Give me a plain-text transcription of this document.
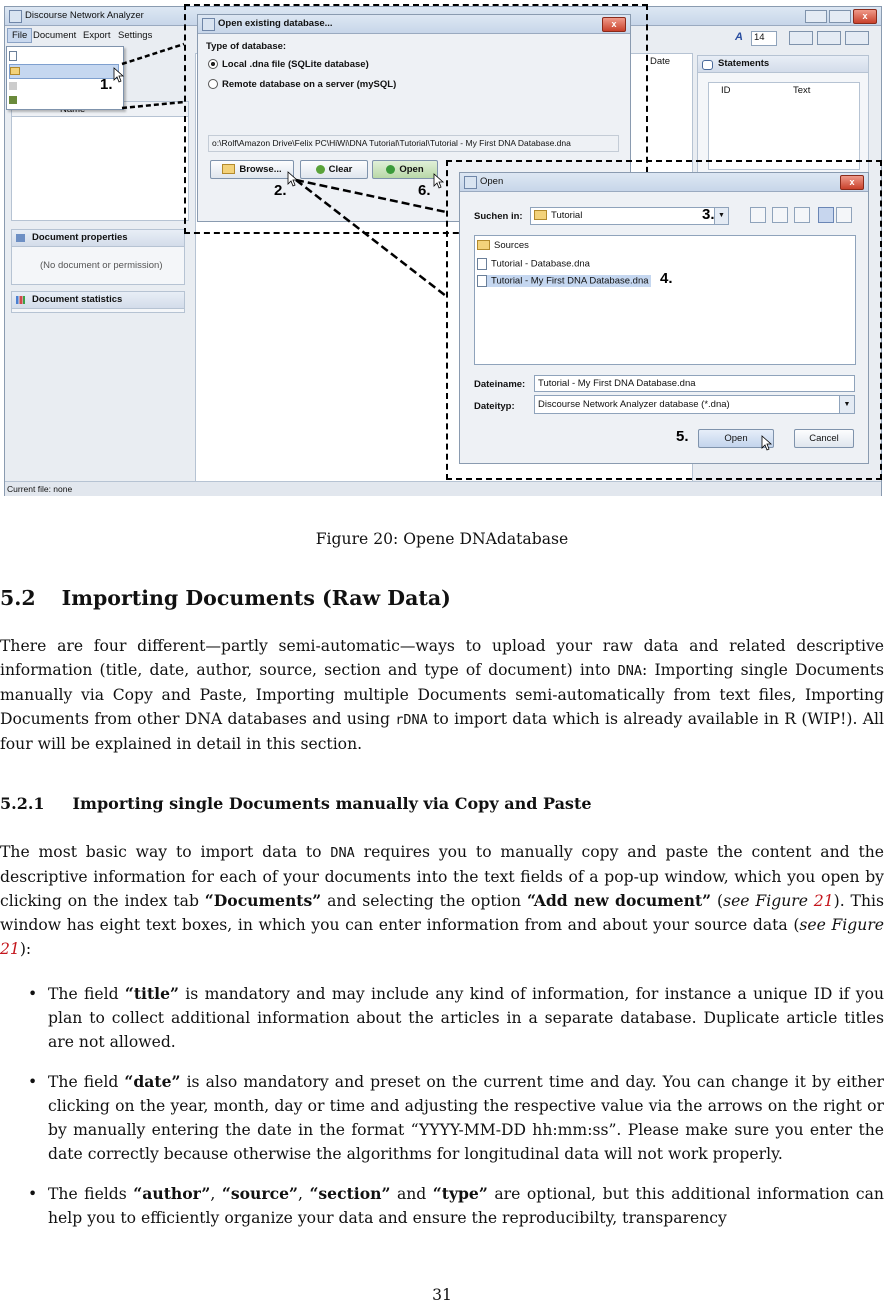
Discourse Network Analyzer	x
File Document Export Settings
Document properties
(No document or permission)
Document statistics
Statements
ID	Text
A	14
Date
Current file: none
1.
Open existing database...	x
Type of database:
Local .dna file (SQLite database)
Remote database on a server (mySQL)
o:\Rolf\Amazon Drive\Felix PC\HiWi\DNA Tutorial\Tutorial\Tutorial - My First DNA Database.dna
Browse...	Clear	Open
2.	6.
Open	x
Suchen in:	Tutorial	▼
Sources
Tutorial - Database.dna
Tutorial - My First DNA Database.dna
Dateiname:	Tutorial - My First DNA Database.dna
Dateityp:	Discourse Network Analyzer database (*.dna)	▼
Open	Cancel
3.
4.
5.
Figure 20: Opene DNAdatabase
5.2 Importing Documents (Raw Data)

There are four different—partly semi-automatic—ways to upload your raw data and related descriptive information (title, date, author, source, section and type of document) into DNA: Importing single Documents manually via Copy and Paste, Importing multiple Documents semi-automatically from text files, Importing Documents from other DNA databases and using rDNA to import data which is already available in R (WIP!). All four will be explained in detail in this section.

5.2.1 Importing single Documents manually via Copy and Paste

The most basic way to import data to DNA requires you to manually copy and paste the content and the descriptive information for each of your documents into the text fields of a pop-up window, which you open by clicking on the index tab “Documents” and selecting the option “Add new document” (see Figure 21). This window has eight text boxes, in which you can enter information from and about your source data (see Figure 21):

• The field “title” is mandatory and may include any kind of information, for instance a unique ID if you plan to collect additional information about the articles in a separate database. Duplicate article titles are not allowed.
• The field “date” is also mandatory and preset on the current time and day. You can change it by either clicking on the year, month, day or time and adjusting the respective value via the arrows on the right or by manually entering the date in the format “YYYY-MM-DD hh:mm:ss”. Please make sure you enter the date correctly because otherwise the algorithms for longitudinal data will not work properly.
• The fields “author”, “source”, “section” and “type” are optional, but this additional information can help you to efficiently organize your data and ensure the reproducibilty, transparency
31
